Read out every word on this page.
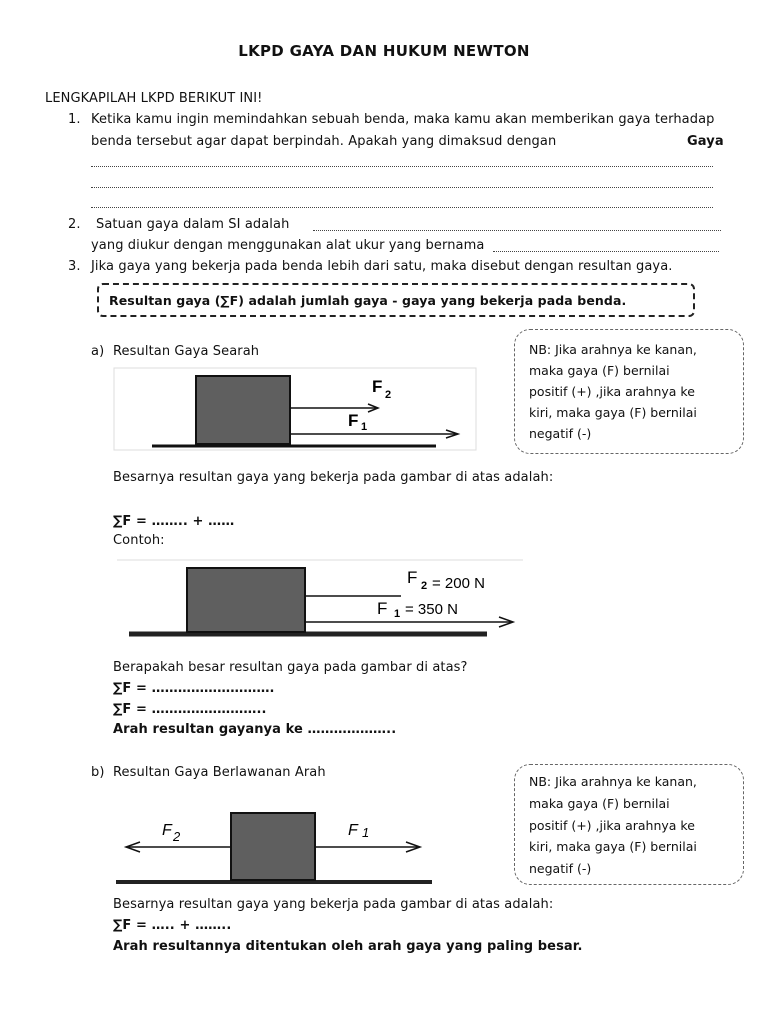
LKPD GAYA DAN HUKUM NEWTON
LENGKAPILAH LKPD BERIKUT INI!
1. Ketika kamu ingin memindahkan sebuah benda, maka kamu akan memberikan gaya terhadap
benda tersebut agar dapat berpindah. Apakah yang dimaksud dengan	Gaya
2. Satuan gaya dalam SI adalah
yang diukur dengan menggunakan alat ukur yang bernama
3. Jika gaya yang bekerja pada benda lebih dari satu, maka disebut dengan resultan gaya.
Resultan gaya (∑F) adalah jumlah gaya - gaya yang bekerja pada benda.
a) Resultan Gaya Searah	NB: Jika arahnya ke kanan,
maka gaya (F) bernilai
positif (+) ,jika arahnya ke
kiri, maka gaya (F) bernilai
negatif (-)
F 2
F 1
Besarnya resultan gaya yang bekerja pada gambar di atas adalah:
∑F = …….. + ……
Contoh:
F 2 = 200 N
F 1 = 350 N
Berapakah besar resultan gaya pada gambar di atas?
∑F = ……………………….
∑F = ……………………..
Arah resultan gayanya ke ………………..
b) Resultan Gaya Berlawanan Arah
NB: Jika arahnya ke kanan,
maka gaya (F) bernilai
positif (+) ,jika arahnya ke
kiri, maka gaya (F) bernilai
negatif (-)
F 2	F 1
Besarnya resultan gaya yang bekerja pada gambar di atas adalah:
∑F = ….. + ……..
Arah resultannya ditentukan oleh arah gaya yang paling besar.
